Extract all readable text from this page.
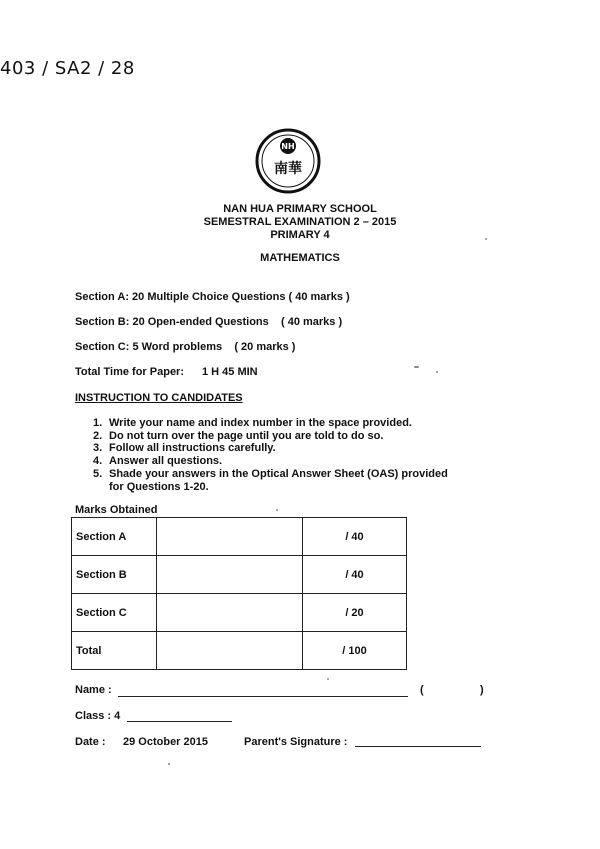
403 / SA2 / 28
NH
南華
NAN HUA PRIMARY SCHOOL
SEMESTRAL EXAMINATION 2 – 2015
PRIMARY 4
MATHEMATICS
Section A: 20 Multiple Choice Questions ( 40 marks )
Section B: 20 Open-ended Questions    ( 40 marks )
Section C: 5 Word problems    ( 20 marks )
Total Time for Paper: 1 H 45 MIN
INSTRUCTION TO CANDIDATES
1. Write your name and index number in the space provided.
2. Do not turn over the page until you are told to do so.
3. Follow all instructions carefully.
4. Answer all questions.
5. Shade your answers in the Optical Answer Sheet (OAS) provided
for Questions 1-20.
Marks Obtained
Section A		/ 40
Section B		/ 40
Section C		/ 20
Total		/ 100
Name :	(	)
Class : 4
Date : 29 October 2015	Parent's Signature :
